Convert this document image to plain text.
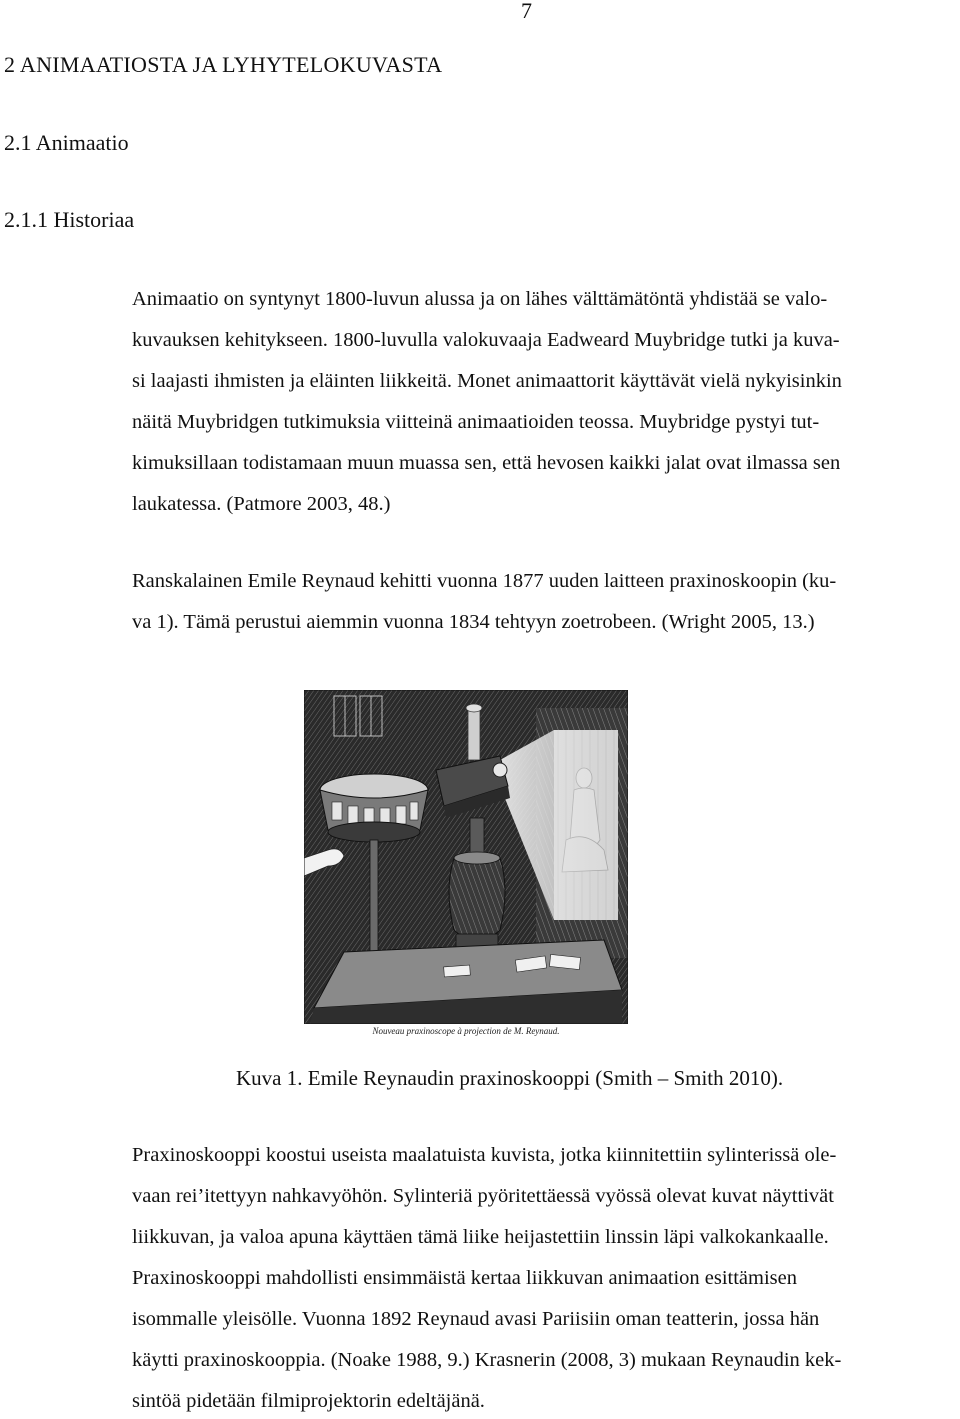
7
2 ANIMAATIOSTA JA LYHYTELOKUVASTA
2.1 Animaatio
2.1.1 Historiaa
Animaatio on syntynyt 1800-luvun alussa ja on lähes välttämätöntä yhdistää se valo-
kuvauksen kehitykseen. 1800-luvulla valokuvaaja Eadweard Muybridge tutki ja kuva-
si laajasti ihmisten ja eläinten liikkeitä. Monet animaattorit käyttävät vielä nykyisinkin
näitä Muybridgen tutkimuksia viitteinä animaatioiden teossa. Muybridge pystyi tut-
kimuksillaan todistamaan muun muassa sen, että hevosen kaikki jalat ovat ilmassa sen
laukatessa. (Patmore 2003, 48.)
Ranskalainen Emile Reynaud kehitti vuonna 1877 uuden laitteen praxinoskoopin (ku-
va 1). Tämä perustui aiemmin vuonna 1834 tehtyyn zoetrobeen. (Wright 2005, 13.)
Nouveau praxinoscope à projection de M. Reynaud.
Kuva 1. Emile Reynaudin praxinoskooppi (Smith – Smith 2010).
Praxinoskooppi koostui useista maalatuista kuvista, jotka kiinnitettiin sylinterissä ole-
vaan rei’itettyyn nahkavyöhön. Sylinteriä pyöritettäessä vyössä olevat kuvat näyttivät
liikkuvan, ja valoa apuna käyttäen tämä liike heijastettiin linssin läpi valkokankaalle.
Praxinoskooppi mahdollisti ensimmäistä kertaa liikkuvan animaation esittämisen
isommalle yleisölle. Vuonna 1892 Reynaud avasi Pariisiin oman teatterin, jossa hän
käytti praxinoskooppia. (Noake 1988, 9.) Krasnerin (2008, 3) mukaan Reynaudin kek-
sintöä pidetään filmiprojektorin edeltäjänä.
